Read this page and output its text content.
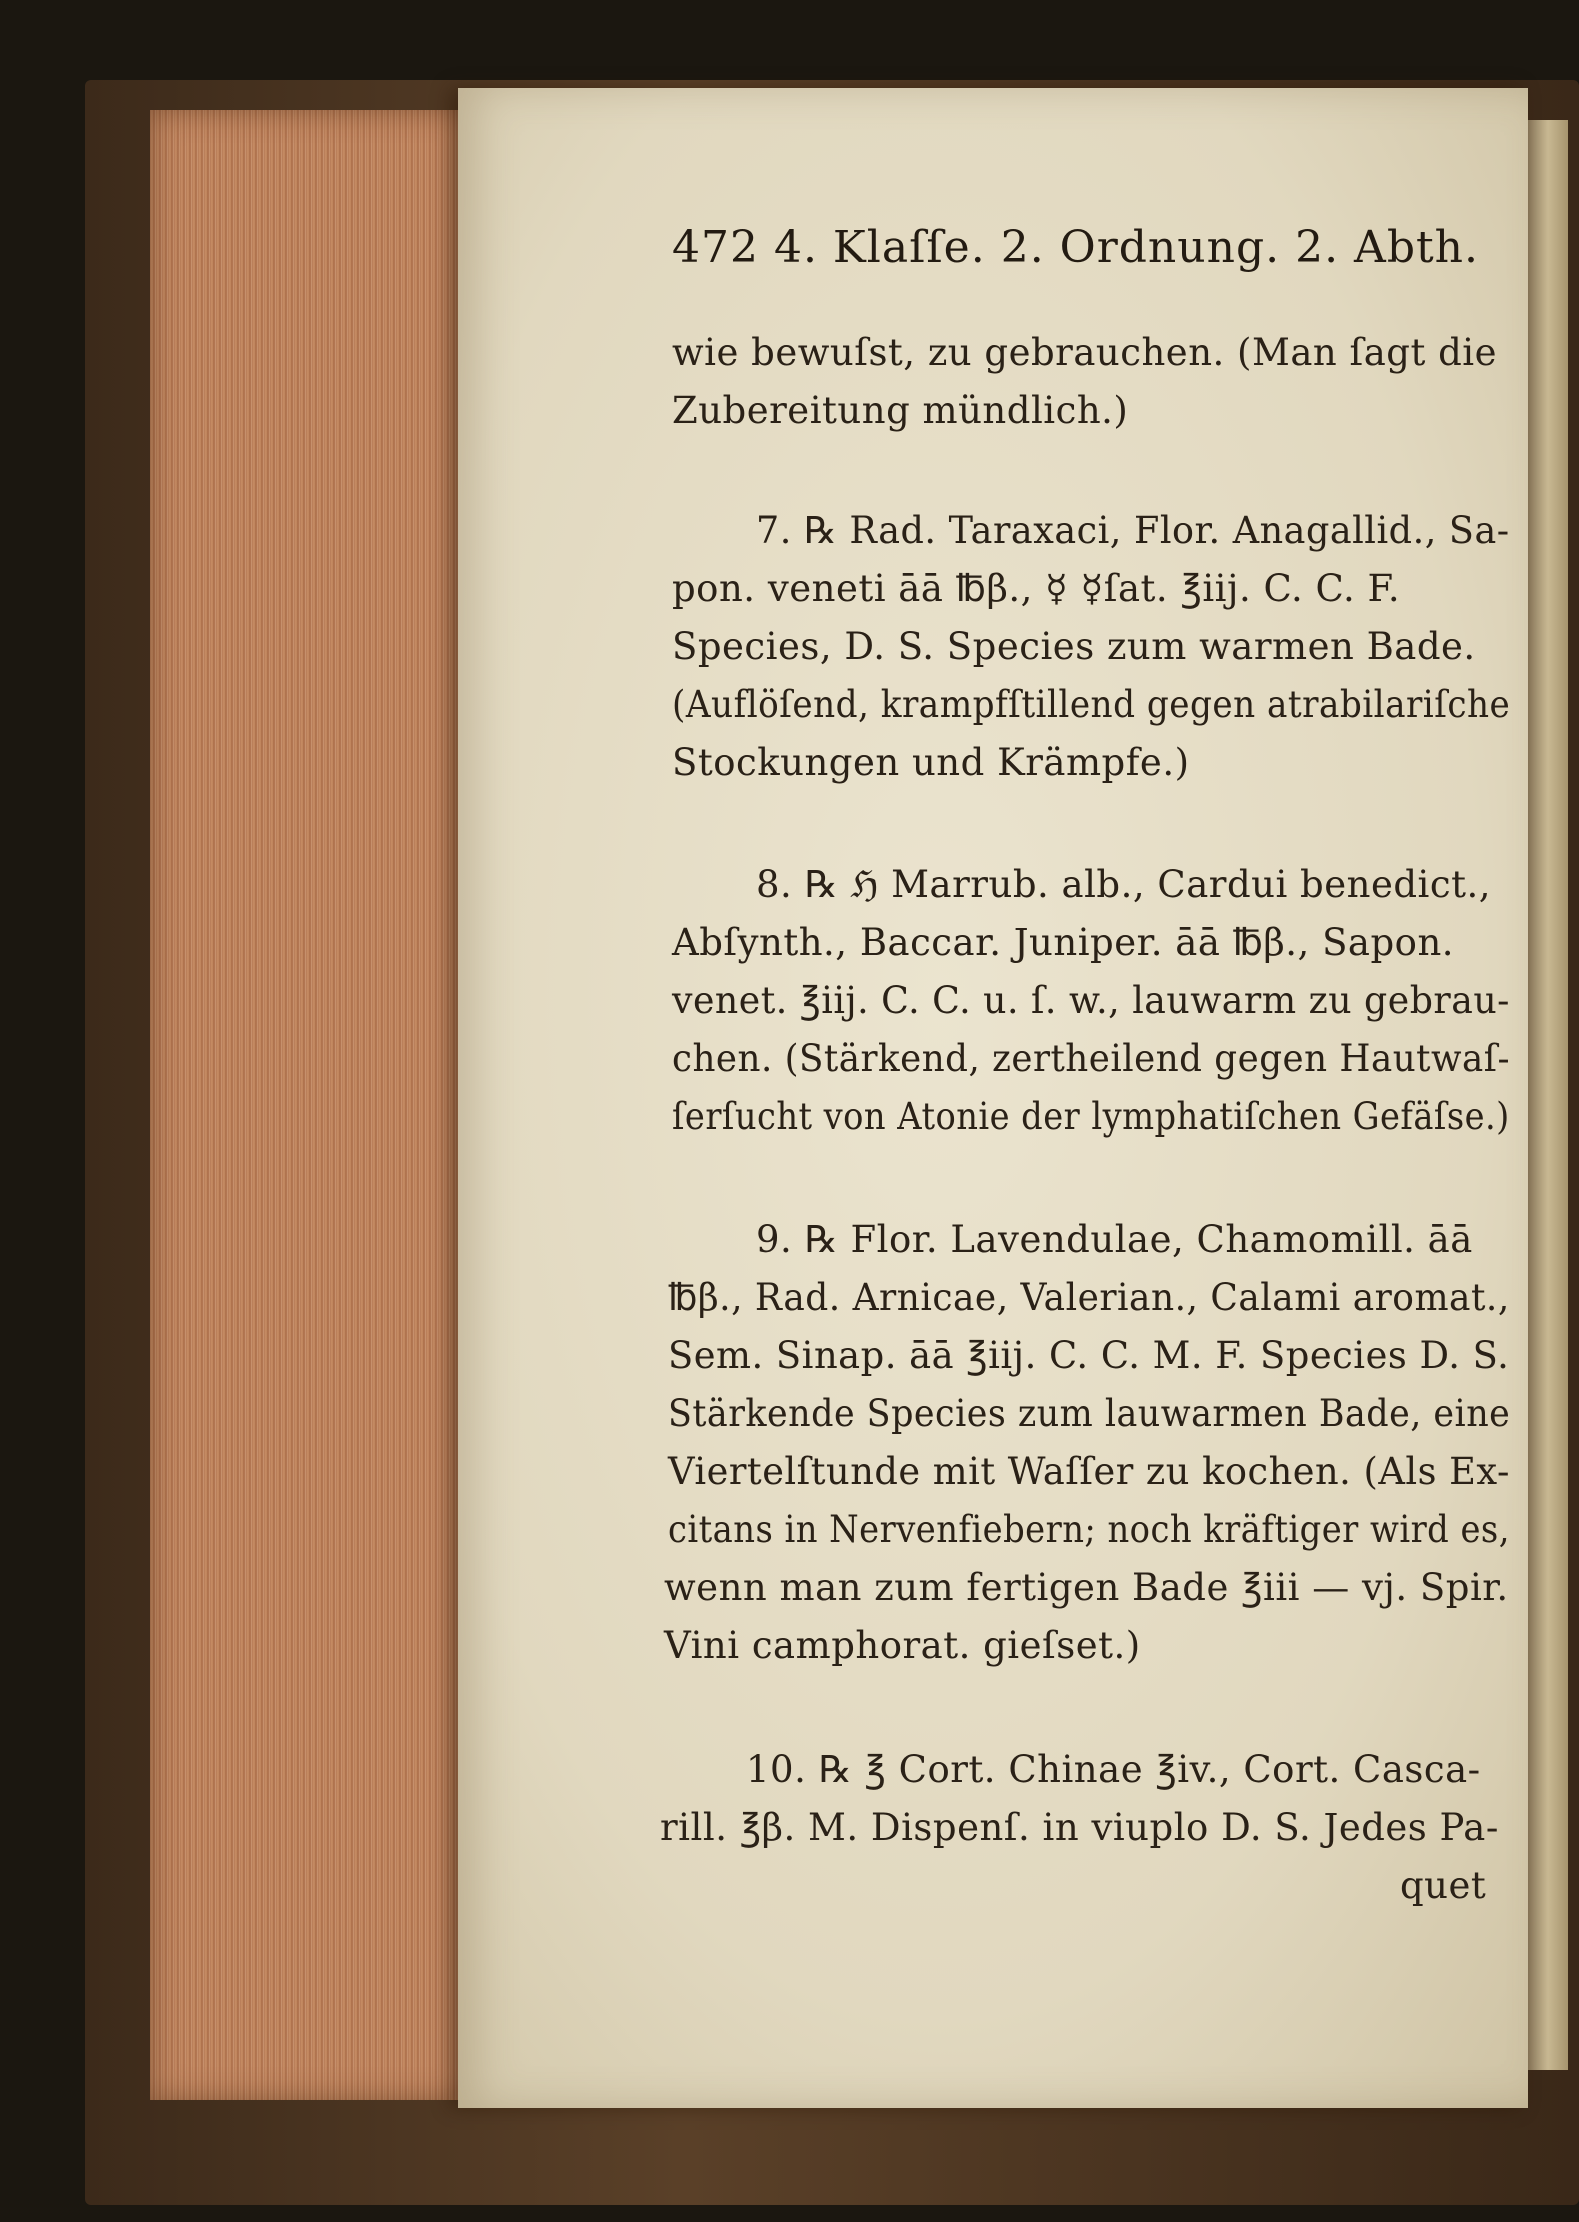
472 4. Klaſſe. 2. Ordnung. 2. Abth.
wie bewuſst, zu gebrauchen. (Man ſagt die
Zubereitung mündlich.)
7. ℞ Rad. Taraxaci, Flor. Anagallid., Sa-
pon. veneti āā ℔β., ☿ ☿ſat. ℥iij. C. C. F.
Species, D. S. Species zum warmen Bade.
(Auflöſend, krampfſtillend gegen atrabilariſche
Stockungen und Krämpfe.)
8. ℞ ℌ Marrub. alb., Cardui benedict.,
Abſynth., Baccar. Juniper. āā ℔β., Sapon.
venet. ℥iij. C. C. u. ſ. w., lauwarm zu gebrau-
chen. (Stärkend, zertheilend gegen Hautwaſ-
ſerſucht von Atonie der lymphatiſchen Gefäſse.)
9. ℞ Flor. Lavendulae, Chamomill. āā
℔β., Rad. Arnicae, Valerian., Calami aromat.,
Sem. Sinap. āā ℥iij. C. C. M. F. Species D. S.
Stärkende Species zum lauwarmen Bade, eine
Viertelſtunde mit Waſſer zu kochen. (Als Ex-
citans in Nervenfiebern; noch kräftiger wird es,
wenn man zum fertigen Bade ℥iii — vj. Spir.
Vini camphorat. gieſset.)
10. ℞ ℥ Cort. Chinae ℥iv., Cort. Casca-
rill. ℥β. M. Dispenſ. in viuplo D. S. Jedes Pa-
quet
